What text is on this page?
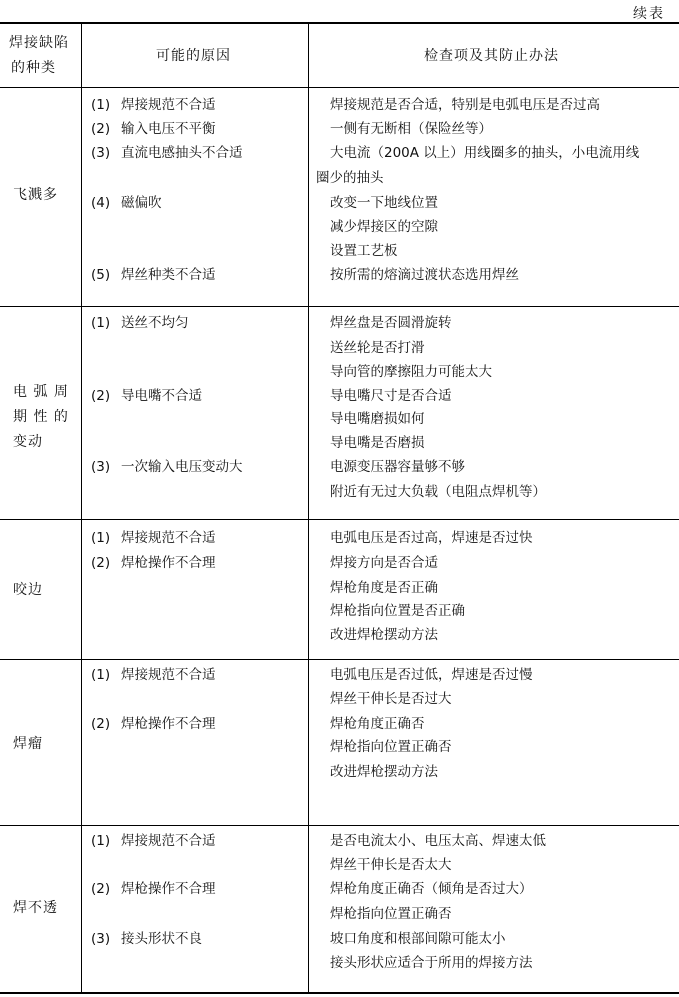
续表
焊接缺陷
的种类
可能的原因	检查项及其防止办法
飞溅多
(1) 焊接规范不合适
(2) 输入电压不平衡
(3) 直流电感抽头不合适
(4) 磁偏吹
(5) 焊丝种类不合适
焊接规范是否合适，特别是电弧电压是否过高
一侧有无断相（保险丝等）
大电流（200A 以上）用线圈多的抽头，小电流用线
圈少的抽头
改变一下地线位置
减少焊接区的空隙
设置工艺板
按所需的熔滴过渡状态选用焊丝
电 弧 周
期 性 的
变动
(1) 送丝不均匀
(2) 导电嘴不合适
(3) 一次输入电压变动大
焊丝盘是否圆滑旋转
送丝轮是否打滑
导向管的摩擦阻力可能太大
导电嘴尺寸是否合适
导电嘴磨损如何
导电嘴是否磨损
电源变压器容量够不够
附近有无过大负载（电阻点焊机等）
咬边
(1) 焊接规范不合适
(2) 焊枪操作不合理
电弧电压是否过高，焊速是否过快
焊接方向是否合适
焊枪角度是否正确
焊枪指向位置是否正确
改进焊枪摆动方法
焊瘤
(1) 焊接规范不合适
(2) 焊枪操作不合理
电弧电压是否过低，焊速是否过慢
焊丝干伸长是否过大
焊枪角度正确否
焊枪指向位置正确否
改进焊枪摆动方法
焊不透
(1) 焊接规范不合适
(2) 焊枪操作不合理
(3) 接头形状不良
是否电流太小、电压太高、焊速太低
焊丝干伸长是否太大
焊枪角度正确否（倾角是否过大）
焊枪指向位置正确否
坡口角度和根部间隙可能太小
接头形状应适合于所用的焊接方法
